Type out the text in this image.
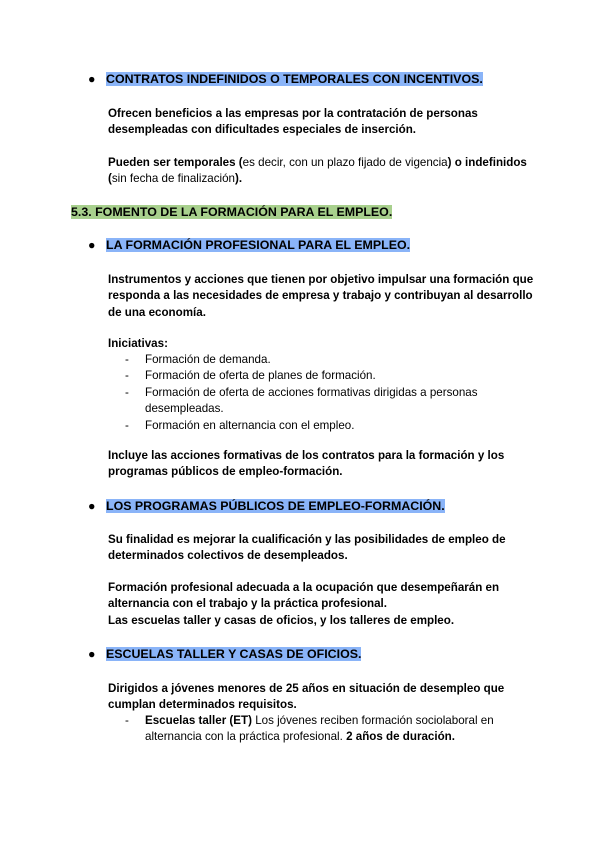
● CONTRATOS INDEFINIDOS O TEMPORALES CON INCENTIVOS.
Ofrecen beneficios a las empresas por la contratación de personas desempleadas con dificultades especiales de inserción.
Pueden ser temporales (es decir, con un plazo fijado de vigencia) o indefinidos (sin fecha de finalización).
5.3. FOMENTO DE LA FORMACIÓN PARA EL EMPLEO.
● LA FORMACIÓN PROFESIONAL PARA EL EMPLEO.
Instrumentos y acciones que tienen por objetivo impulsar una formación que responda a las necesidades de empresa y trabajo y contribuyan al desarrollo de una economía.
Iniciativas:
- Formación de demanda.
- Formación de oferta de planes de formación.
- Formación de oferta de acciones formativas dirigidas a personas desempleadas.
- Formación en alternancia con el empleo.
Incluye las acciones formativas de los contratos para la formación y los programas públicos de empleo-formación.
● LOS PROGRAMAS PÚBLICOS DE EMPLEO-FORMACIÓN.
Su finalidad es mejorar la cualificación y las posibilidades de empleo de determinados colectivos de desempleados.
Formación profesional adecuada a la ocupación que desempeñarán en alternancia con el trabajo y la práctica profesional.
Las escuelas taller y casas de oficios, y los talleres de empleo.
● ESCUELAS TALLER Y CASAS DE OFICIOS.
Dirigidos a jóvenes menores de 25 años en situación de desempleo que cumplan determinados requisitos.
- Escuelas taller (ET) Los jóvenes reciben formación sociolaboral en alternancia con la práctica profesional. 2 años de duración.
